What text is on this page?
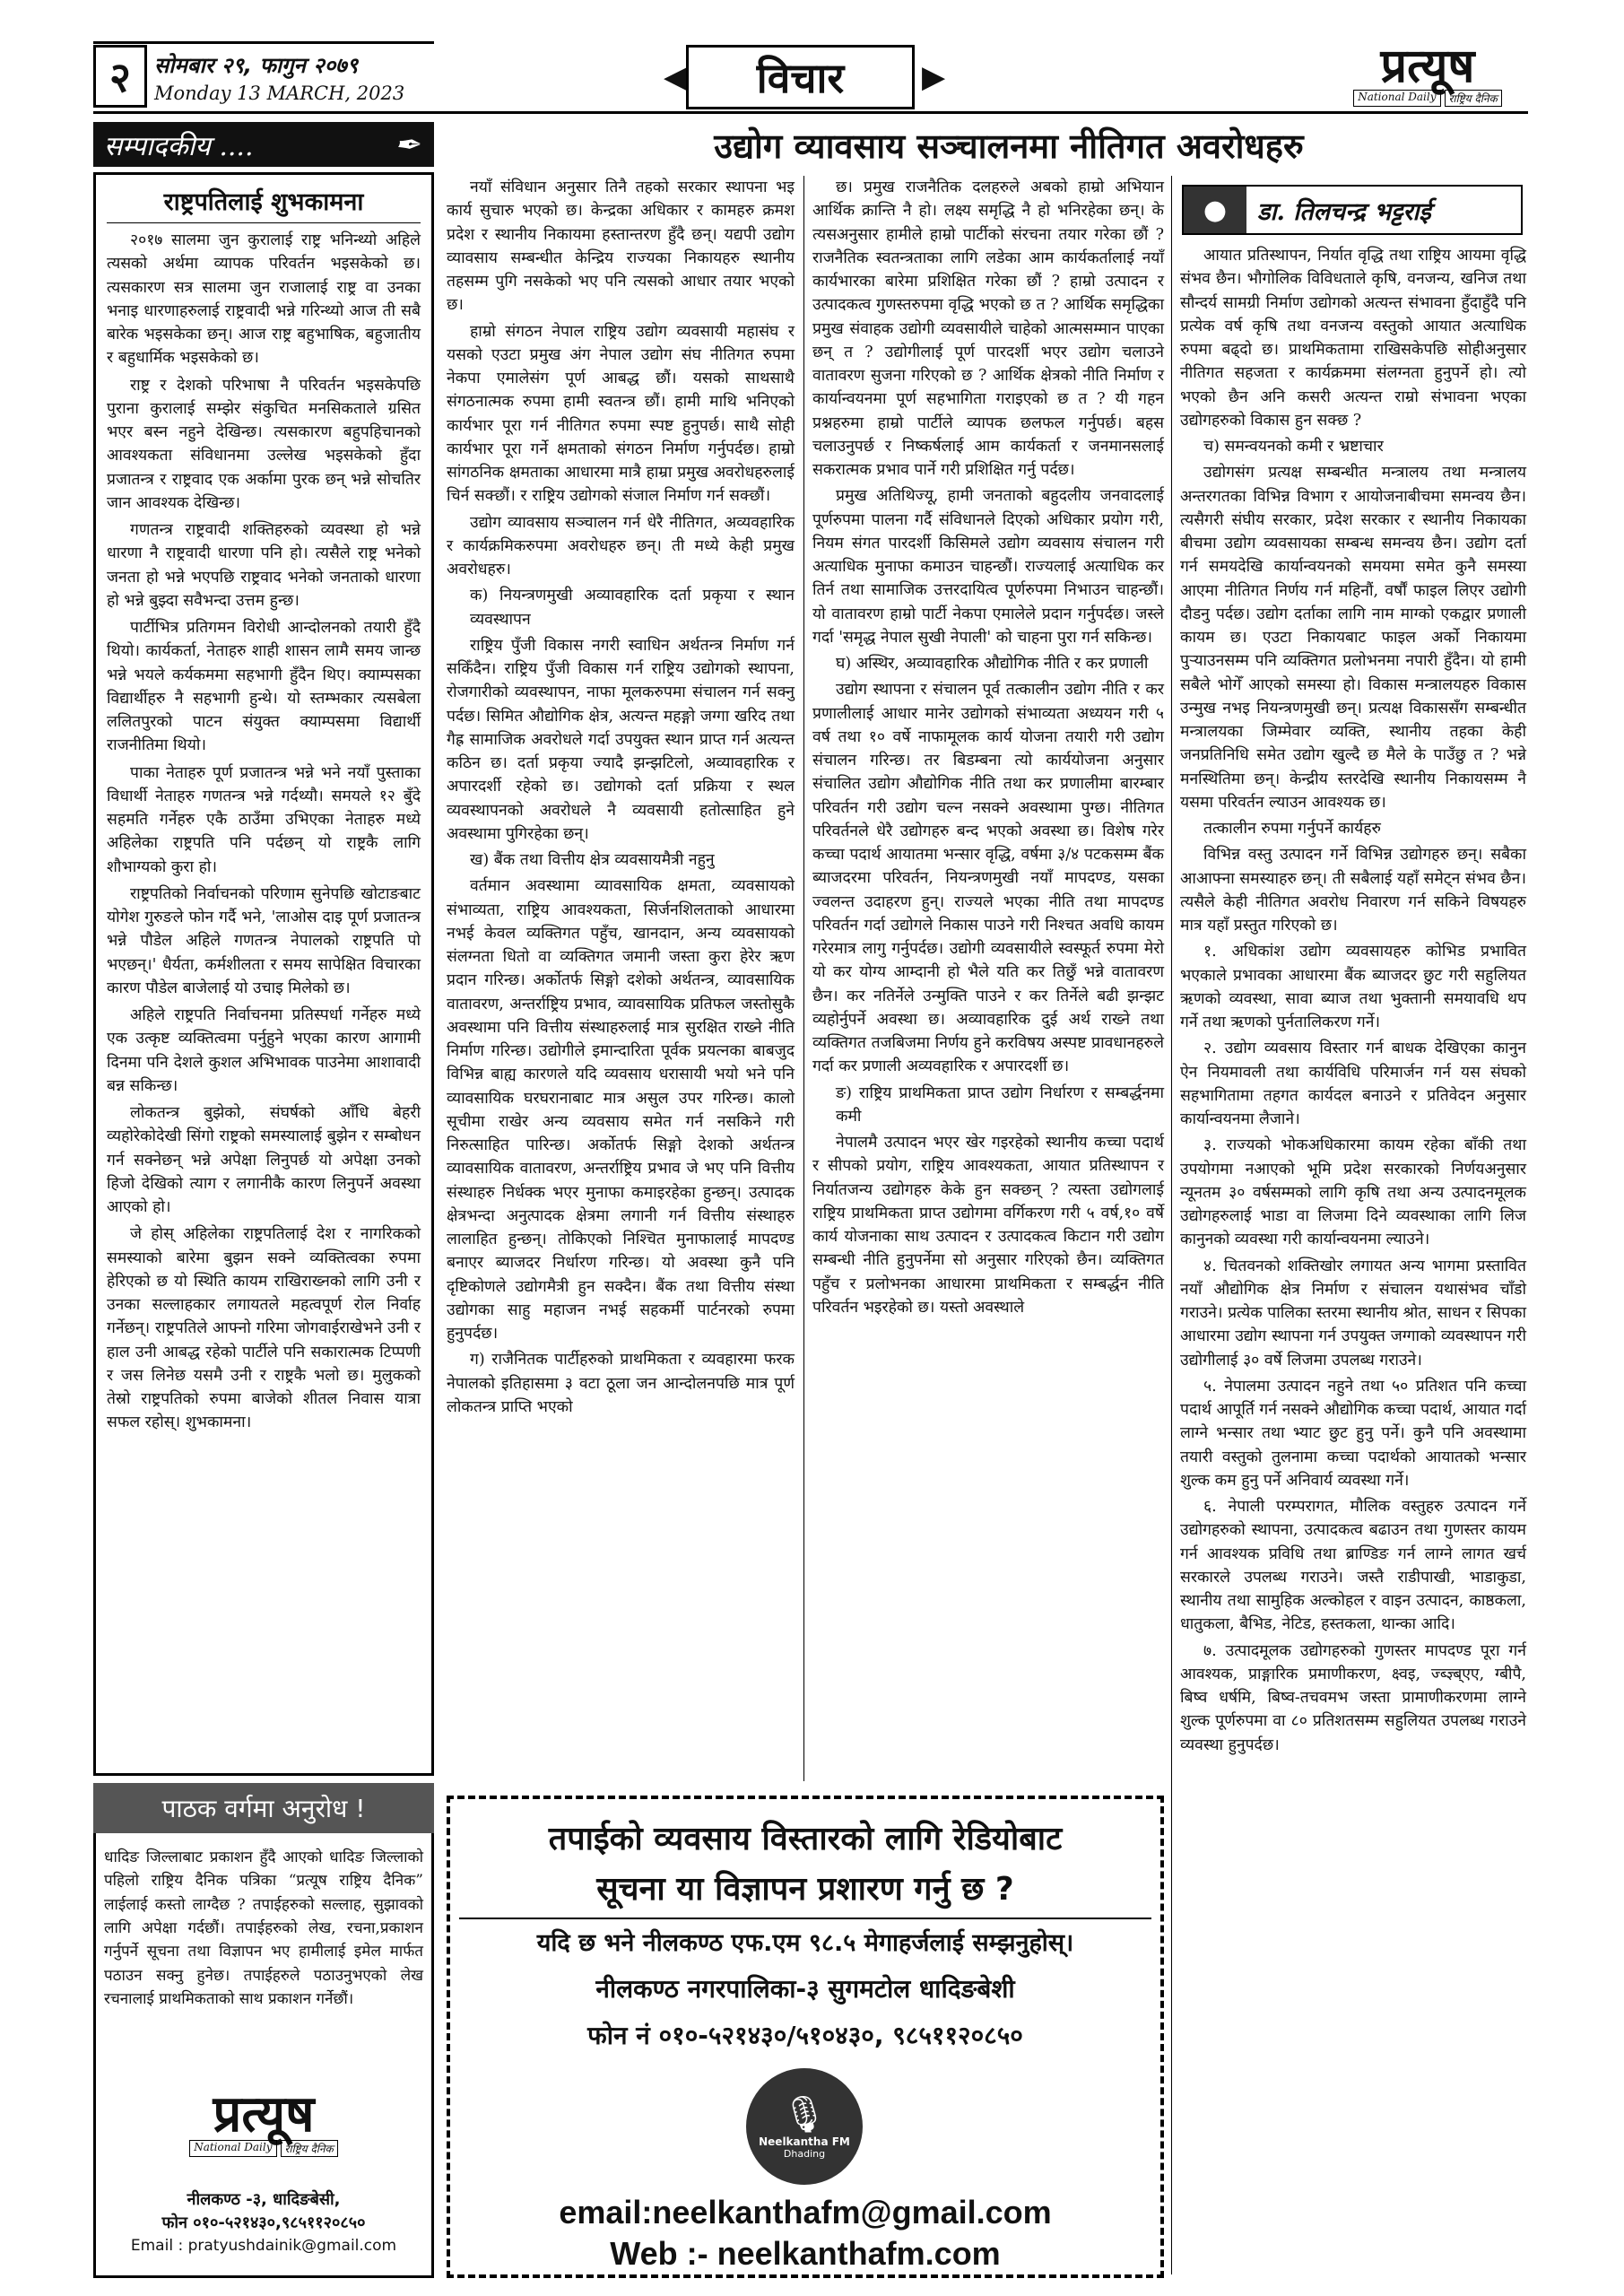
२	सोमबार २९, फागुन २०७९
Monday 13 MARCH, 2023	◀	विचार	▶	प्रत्यूष
National Daily	राष्ट्रिय दैनिक
सम्पादकीय ....	✒
राष्ट्रपतिलाई शुभकामना

२०१७ सालमा जुन कुरालाई राष्ट्र भनिन्थ्यो अहिले त्यसको अर्थमा व्यापक परिवर्तन भइसकेको छ। त्यसकारण सत्र सालमा जुन राजालाई राष्ट्र वा उनका भनाइ धारणाहरुलाई राष्ट्रवादी भन्ने गरिन्थ्यो आज ती सबै बारेक भइसकेका छन्। आज राष्ट्र बहुभाषिक, बहुजातीय र बहुधार्मिक भइसकेको छ।

राष्ट्र र देशको परिभाषा नै परिवर्तन भइसकेपछि पुराना कुरालाई सम्झेर संकुचित मनसिकताले ग्रसित भएर बस्न नहुने देखिन्छ। त्यसकारण बहुपहिचानको आवश्यकता संविधानमा उल्लेख भइसकेको हुँदा प्रजातन्त्र र राष्ट्रवाद एक अर्कामा पुरक छन् भन्ने सोचतिर जान आवश्यक देखिन्छ।

गणतन्त्र राष्ट्रवादी शक्तिहरुको व्यवस्था हो भन्ने धारणा नै राष्ट्रवादी धारणा पनि हो। त्यसैले राष्ट्र भनेको जनता हो भन्ने भएपछि राष्ट्रवाद भनेको जनताको धारणा हो भन्ने बुझ्दा सवैभन्दा उत्तम हुन्छ।

पार्टीभित्र प्रतिगमन विरोधी आन्दोलनको तयारी हुँदै थियो। कार्यकर्ता, नेताहरु शाही शासन लामै समय जान्छ भन्ने भयले कर्यकममा सहभागी हुँदैन थिए। क्याम्पसका विद्यार्थीहरु नै सहभागी हुन्थे। यो स्तम्भकार त्यसबेला ललितपुरको पाटन संयुक्त क्याम्पसमा विद्यार्थी राजनीतिमा थियो।

पाका नेताहरु पूर्ण प्रजातन्त्र भन्ने भने नयाँ पुस्ताका विधार्थी नेताहरु गणतन्त्र भन्ने गर्दथ्यौ। समयले १२ बुँदे सहमति गर्नेहरु एकै ठाउँमा उभिएका नेताहरु मध्ये अहिलेका राष्ट्रपति पनि पर्दछन् यो राष्ट्रकै लागि शौभाग्यको कुरा हो।

राष्ट्रपतिको निर्वाचनको परिणाम सुनेपछि खोटाङबाट योगेश गुरुङले फोन गर्दै भने, 'लाओस दाइ पूर्ण प्रजातन्त्र भन्ने पौडेल अहिले गणतन्त्र नेपालको राष्ट्रपति पो भएछन्।' धैर्यता, कर्मशीलता र समय सापेक्षित विचारका कारण पौडेल बाजेलाई यो उचाइ मिलेको छ।

अहिले राष्ट्रपति निर्वाचनमा प्रतिस्पर्धा गर्नेहरु मध्ये एक उत्कृष्ट व्यक्तित्वमा पर्नुहुने भएका कारण आगामी दिनमा पनि देशले कुशल अभिभावक पाउनेमा आशावादी बन्न सकिन्छ।

लोकतन्त्र बुझेको, संघर्षको आँधि बेहरी व्यहोरेकोदेखी सिंगो राष्ट्रको समस्यालाई बुझेन र सम्बोधन गर्न सक्नेछन् भन्ने अपेक्षा लिनुपर्छ यो अपेक्षा उनको हिजो देखिको त्याग र लगानीकै कारण लिनुपर्ने अवस्था आएको हो।

जे होस् अहिलेका राष्ट्रपतिलाई देश र नागरिकको समस्याको बारेमा बुझन सक्ने व्यक्तित्वका रुपमा हेरिएको छ यो स्थिति कायम राखिराख्नको लागि उनी र उनका सल्लाहकार लगायतले महत्वपूर्ण रोल निर्वाह गर्नेछन्। राष्ट्रपतिले आफ्नो गरिमा जोगवाईराखेभने उनी र हाल उनी आबद्ध रहेको पार्टीले पनि सकारात्मक टिप्पणी र जस लिनेछ यसमै उनी र राष्ट्रकै भलो छ। मुलुकको तेस्रो राष्ट्रपतिको रुपमा बाजेको शीतल निवास यात्रा सफल रहोस्। शुभकामना।

पाठक वर्गमा अनुरोध !
धादिङ जिल्लाबाट प्रकाशन हुँदै आएको धादिङ जिल्लाको पहिलो राष्ट्रिय दैनिक पत्रिका “प्रत्यूष राष्ट्रिय दैनिक” लाईलाई कस्तो लाग्दैछ ? तपाईहरुको सल्लाह, सुझावको लागि अपेक्षा गर्दछौं। तपाईहरुको लेख, रचना,प्रकाशन गर्नुपर्ने सूचना तथा विज्ञापन भए हामीलाई इमेल मार्फत पठाउन सक्नु हुनेछ। तपाईहरुले पठाउनुभएको लेख रचनालाई प्राथमिकताको साथ प्रकाशन गर्नेछौं।
प्रत्यूष
National Daily	राष्ट्रिय दैनिक
नीलकण्ठ -३, धादिङबेसी,
फोन ०१०-५२१४३०,९८५११२०८५०
Email : pratyushdainik@gmail.com
उद्योग व्यावसाय सञ्चालनमा नीतिगत अवरोधहरु

नयाँ संविधान अनुसार तिनै तहको सरकार स्थापना भइ कार्य सुचारु भएको छ। केन्द्रका अधिकार र कामहरु क्रमश प्रदेश र स्थानीय निकायमा हस्तान्तरण हुँदै छन्। यद्यपी उद्योग व्यावसाय सम्बन्धीत केन्द्रिय राज्यका निकायहरु स्थानीय तहसम्म पुगि नसकेको भए पनि त्यसको आधार तयार भएको छ।

हाम्रो संगठन नेपाल राष्ट्रिय उद्योग व्यवसायी महासंघ र यसको एउटा प्रमुख अंग नेपाल उद्योग संघ नीतिगत रुपमा नेकपा एमालेसंग पूर्ण आबद्ध छौं। यसको साथसाथै संगठनात्मक रुपमा हामी स्वतन्त्र छौं। हामी माथि भनिएको कार्यभार पूरा गर्न नीतिगत रुपमा स्पष्ट हुनुपर्छ। साथै सोही कार्यभार पूरा गर्ने क्षमताको संगठन निर्माण गर्नुपर्दछ। हाम्रो सांगठनिक क्षमताका आधारमा मात्रै हाम्रा प्रमुख अवरोधहरुलाई चिर्न सक्छौं। र राष्ट्रिय उद्योगको संजाल निर्माण गर्न सक्छौं।

उद्योग व्यावसाय सञ्चालन गर्न धेरै नीतिगत, अव्यवहारिक र कार्यक्रमिकरुपमा अवरोधहरु छन्। ती मध्ये केही प्रमुख अवरोधहरु।

क) नियन्त्रणमुखी अव्यावहारिक दर्ता प्रकृया र स्थान व्यवस्थापन

राष्ट्रिय पुँजी विकास नगरी स्वाधिन अर्थतन्त्र निर्माण गर्न सकिँदैन। राष्ट्रिय पुँजी विकास गर्न राष्ट्रिय उद्योगको स्थापना, रोजगारीको व्यवस्थापन, नाफा मूलकरुपमा संचालन गर्न सक्नु पर्दछ। सिमित औद्योगिक क्षेत्र, अत्यन्त महङ्गो जग्गा खरिद तथा गैह्र सामाजिक अवरोधले गर्दा उपयुक्त स्थान प्राप्त गर्न अत्यन्त कठिन छ। दर्ता प्रकृया ज्यादै झन्झटिलो, अव्यावहारिक र अपारदर्शी रहेको छ। उद्योगको दर्ता प्रक्रिया र स्थल व्यवस्थापनको अवरोधले नै व्यवसायी हतोत्साहित हुने अवस्थामा पुगिरहेका छन्।

ख) बैंक तथा वित्तीय क्षेत्र व्यवसायमैत्री नहुनु

वर्तमान अवस्थामा व्यावसायिक क्षमता, व्यवसायको संभाव्यता, राष्ट्रिय आवश्यकता, सिर्जनशिलताको आधारमा नभई केवल व्यक्तिगत पहुँच, खानदान, अन्य व्यवसायको संलग्नता धितो वा व्यक्तिगत जमानी जस्ता कुरा हेरेर ऋण प्रदान गरिन्छ। अर्कोतर्फ सिङ्गो दशेको अर्थतन्त्र, व्यावसायिक वातावरण, अन्तर्राष्ट्रिय प्रभाव, व्यावसायिक प्रतिफल जस्तोसुकै अवस्थामा पनि वित्तीय संस्थाहरुलाई मात्र सुरक्षित राख्ने नीति निर्माण गरिन्छ। उद्योगीले इमान्दारिता पूर्वक प्रयत्नका बाबजुद विभिन्न बाह्य कारणले यदि व्यवसाय धरासायी भयो भने पनि व्यावसायिक घरघरानाबाट मात्र असुल उपर गरिन्छ। कालो सूचीमा राखेर अन्य व्यवसाय समेत गर्न नसकिने गरी निरुत्साहित पारिन्छ। अर्कोतर्फ सिङ्गो देशको अर्थतन्त्र व्यावसायिक वातावरण, अन्तर्राष्ट्रिय प्रभाव जे भए पनि वित्तीय संस्थाहरु निर्धक्क भएर मुनाफा कमाइरहेका हुन्छन्। उत्पादक क्षेत्रभन्दा अनुत्पादक क्षेत्रमा लगानी गर्न वित्तीय संस्थाहरु लालाहित हुन्छन्। तोकिएको निश्चित मुनाफालाई मापदण्ड बनाएर ब्याजदर निर्धारण गरिन्छ। यो अवस्था कुनै पनि दृष्टिकोणले उद्योगमैत्री हुन सक्दैन। बैंक तथा वित्तीय संस्था उद्योगका साहु महाजन नभई सहकर्मी पार्टनरको रुपमा हुनुपर्दछ।

ग) राजैनितक पार्टीहरुको प्राथमिकता र व्यवहारमा फरक नेपालको इतिहासमा ३ वटा ठूला जन आन्दोलनपछि मात्र पूर्ण लोकतन्त्र प्राप्ति भएको

छ। प्रमुख राजनैतिक दलहरुले अबको हाम्रो अभियान आर्थिक क्रान्ति नै हो। लक्ष्य समृद्धि नै हो भनिरहेका छन्। के त्यसअनुसार हामीले हाम्रो पार्टीको संरचना तयार गरेका छौं ? राजनैतिक स्वतन्त्रताका लागि लडेका आम कार्यकर्तालाई नयाँ कार्यभारका बारेमा प्रशिक्षित गरेका छौं ? हाम्रो उत्पादन र उत्पादकत्व गुणस्तरुपमा वृद्धि भएको छ त ? आर्थिक समृद्धिका प्रमुख संवाहक उद्योगी व्यवसायीले चाहेको आत्मसम्मान पाएका छन् त ? उद्योगीलाई पूर्ण पारदर्शी भएर उद्योग चलाउने वातावरण सुजना गरिएको छ ? आर्थिक क्षेत्रको नीति निर्माण र कार्यान्वयनमा पूर्ण सहभागिता गराइएको छ त ? यी गहन प्रश्नहरुमा हाम्रो पार्टीले व्यापक छलफल गर्नुपर्छ। बहस चलाउनुपर्छ र निष्कर्षलाई आम कार्यकर्ता र जनमानसलाई सकरात्मक प्रभाव पार्ने गरी प्रशिक्षित गर्नु पर्दछ।

प्रमुख अतिथिज्यू, हामी जनताको बहुदलीय जनवादलाई पूर्णरुपमा पालना गर्दै संविधानले दिएको अधिकार प्रयोग गरी, नियम संगत पारदर्शी किसिमले उद्योग व्यवसाय संचालन गरी अत्याधिक मुनाफा कमाउन चाहन्छौं। राज्यलाई अत्याधिक कर तिर्न तथा सामाजिक उत्तरदायित्व पूर्णरुपमा निभाउन चाहन्छौं। यो वातावरण हाम्रो पार्टी नेकपा एमालेले प्रदान गर्नुपर्दछ। जस्ले गर्दा 'समृद्ध नेपाल सुखी नेपाली' को चाहना पुरा गर्न सकिन्छ।

घ) अस्थिर, अव्यावहारिक औद्योगिक नीति र कर प्रणाली

उद्योग स्थापना र संचालन पूर्व तत्कालीन उद्योग नीति र कर प्रणालीलाई आधार मानेर उद्योगको संभाव्यता अध्ययन गरी ५ वर्ष तथा १० वर्षे नाफामूलक कार्य योजना तयारी गरी उद्योग संचालन गरिन्छ। तर बिडम्बना त्यो कार्ययोजना अनुसार संचालित उद्योग औद्योगिक नीति तथा कर प्रणालीमा बारम्बार परिवर्तन गरी उद्योग चल्न नसक्ने अवस्थामा पुग्छ। नीतिगत परिवर्तनले धेरै उद्योगहरु बन्द भएको अवस्था छ। विशेष गरेर कच्चा पदार्थ आयातमा भन्सार वृद्धि, वर्षमा ३/४ पटकसम्म बैंक ब्याजदरमा परिवर्तन, नियन्त्रणमुखी नयाँ मापदण्ड, यसका ज्वलन्त उदाहरण हुन्। राज्यले भएका नीति तथा मापदण्ड परिवर्तन गर्दा उद्योगले निकास पाउने गरी निश्चत अवधि कायम गरेरमात्र लागु गर्नुपर्दछ। उद्योगी व्यवसायीले स्वस्फूर्त रुपमा मेरो यो कर योग्य आम्दानी हो भैले यति कर तिछुँ भन्ने वातावरण छैन। कर नतिर्नेले उन्मुक्ति पाउने र कर तिर्नेले बढी झन्झट व्यहोर्नुपर्ने अवस्था छ। अव्यावहारिक दुई अर्थ राख्ने तथा व्यक्तिगत तजबिजमा निर्णय हुने करविषय अस्पष्ट प्रावधानहरुले गर्दा कर प्रणाली अव्यवहारिक र अपारदर्शी छ।

ङ) राष्ट्रिय प्राथमिकता प्राप्त उद्योग निर्धारण र सम्बर्द्धनमा कमी

नेपालमै उत्पादन भएर खेर गइरहेको स्थानीय कच्चा पदार्थ र सीपको प्रयोग, राष्ट्रिय आवश्यकता, आयात प्रतिस्थापन र निर्यातजन्य उद्योगहरु केके हुन सक्छन् ? त्यस्ता उद्योगलाई राष्ट्रिय प्राथमिकता प्राप्त उद्योगमा वर्गिकरण गरी ५ वर्ष,१० वर्षे कार्य योजनाका साथ उत्पादन र उत्पादकत्व किटान गरी उद्योग सम्बन्धी नीति हुनुपर्नेमा सो अनुसार गरिएको छैन। व्यक्तिगत पहुँच र प्रलोभनका आधारमा प्राथमिकता र सम्बर्द्धन नीति परिवर्तन भइरहेको छ। यस्तो अवस्थाले

●	डा. तिलचन्द्र भट्टराई

आयात प्रतिस्थापन, निर्यात वृद्धि तथा राष्ट्रिय आयमा वृद्धि संभव छैन। भौगोलिक विविधताले कृषि, वनजन्य, खनिज तथा सौन्दर्य सामग्री निर्माण उद्योगको अत्यन्त संभावना हुँदाहुँदै पनि प्रत्येक वर्ष कृषि तथा वनजन्य वस्तुको आयात अत्याधिक रुपमा बढ्दो छ। प्राथमिकतामा राखिसकेपछि सोहीअनुसार नीतिगत सहजता र कार्यक्रममा संलग्नता हुनुपर्ने हो। त्यो भएको छैन अनि कसरी अत्यन्त राम्रो संभावना भएका उद्योगहरुको विकास हुन सक्छ ?

च) समन्वयनको कमी र भ्रष्टाचार

उद्योगसंग प्रत्यक्ष सम्बन्धीत मन्त्रालय तथा मन्त्रालय अन्तरगतका विभिन्न विभाग र आयोजनाबीचमा समन्वय छैन। त्यसैगरी संघीय सरकार, प्रदेश सरकार र स्थानीय निकायका बीचमा उद्योग व्यवसायका सम्बन्ध समन्वय छैन। उद्योग दर्ता गर्न समयदेखि कार्यान्वयनको समयमा समेत कुनै समस्या आएमा नीतिगत निर्णय गर्न महिनौं, वर्षौं फाइल लिएर उद्योगी दौडनु पर्दछ। उद्योग दर्ताका लागि नाम माग्को एकद्वार प्रणाली कायम छ। एउटा निकायबाट फाइल अर्को निकायमा पुऱ्याउनसम्म पनि व्यक्तिगत प्रलोभनमा नपारी हुँदैन। यो हामी सबैले भोगेँ आएको समस्या हो। विकास मन्त्रालयहरु विकास उन्मुख नभइ नियन्त्रणमुखी छन्। प्रत्यक्ष विकाससँग सम्बन्धीत मन्त्रालयका जिम्मेवार व्यक्ति, स्थानीय तहका केही जनप्रतिनिधि समेत उद्योग खुल्दै छ मैले के पाउँछु त ? भन्ने मनस्थितिमा छन्। केन्द्रीय स्तरदेखि स्थानीय निकायसम्म नै यसमा परिवर्तन ल्याउन आवश्यक छ।

तत्कालीन रुपमा गर्नुपर्ने कार्यहरु

विभिन्न वस्तु उत्पादन गर्ने विभिन्न उद्योगहरु छन्। सबैका आआफ्ना समस्याहरु छन्। ती सबैलाई यहाँ समेट्न संभव छैन। त्यसैले केही नीतिगत अवरोध निवारण गर्न सकिने विषयहरु मात्र यहाँ प्रस्तुत गरिएको छ।

१. अधिकांश उद्योग व्यवसायहरु कोभिड प्रभावित भएकाले प्रभावका आधारमा बैंक ब्याजदर छुट गरी सहुलियत ऋणको व्यवस्था, सावा ब्याज तथा भुक्तानी समयावधि थप गर्ने तथा ऋणको पुर्नतालिकरण गर्ने।

२. उद्योग व्यवसाय विस्तार गर्न बाधक देखिएका कानुन ऐन नियमावली तथा कार्यविधि परिमार्जन गर्न यस संघको सहभागितामा तहगत कार्यदल बनाउने र प्रतिवेदन अनुसार कार्यान्वयनमा लैजाने।

३. राज्यको भोकअधिकारमा कायम रहेका बाँकी तथा उपयोगमा नआएको भूमि प्रदेश सरकारको निर्णयअनुसार न्यूनतम ३० वर्षसम्मको लागि कृषि तथा अन्य उत्पादनमूलक उद्योगहरुलाई भाडा वा लिजमा दिने व्यवस्थाका लागि लिज कानुनको व्यवस्था गरी कार्यान्वयनमा ल्याउने।

४. चितवनको शक्तिखोर लगायत अन्य भागमा प्रस्तावित नयाँ औद्योगिक क्षेत्र निर्माण र संचालन यथासंभव चाँडो गराउने। प्रत्येक पालिका स्तरमा स्थानीय श्रोत, साधन र सिपका आधारमा उद्योग स्थापना गर्न उपयुक्त जग्गाको व्यवस्थापन गरी उद्योगीलाई ३० वर्षे लिजमा उपलब्ध गराउने।

५. नेपालमा उत्पादन नहुने तथा ५० प्रतिशत पनि कच्चा पदार्थ आपूर्ति गर्न नसक्ने औद्योगिक कच्चा पदार्थ, आयात गर्दा लाग्ने भन्सार तथा भ्याट छुट हुनु पर्ने। कुनै पनि अवस्थामा तयारी वस्तुको तुलनामा कच्चा पदार्थको आयातको भन्सार शुल्क कम हुनु पर्ने अनिवार्य व्यवस्था गर्ने।

६. नेपाली परम्परागत, मौलिक वस्तुहरु उत्पादन गर्ने उद्योगहरुको स्थापना, उत्पादकत्व बढाउन तथा गुणस्तर कायम गर्न आवश्यक प्रविधि तथा ब्राण्डिङ गर्न लाग्ने लागत खर्च सरकारले उपलब्ध गराउने। जस्तै राडीपाखी, भाडाकुडा, स्थानीय तथा सामुहिक अल्कोहल र वाइन उत्पादन, काष्ठकला, धातुकला, बैभिड, नेटिड, हस्तकला, थान्का आदि।

७. उत्पादमूलक उद्योगहरुको गुणस्तर मापदण्ड पूरा गर्न आवश्यक, प्राङ्गारिक प्रमाणीकरण, क्ष्वइ, ज्ब्ज्ञ्ब्एए, ग्बीपै, बिष्व धर्षमि, बिष्व-तचवमभ जस्ता प्रामाणीकरणमा लाग्ने शुल्क पूर्णरुपमा वा ८० प्रतिशतसम्म सहुलियत उपलब्ध गराउने व्यवस्था हुनुपर्दछ।

तपाईको व्यवसाय विस्तारको लागि रेडियोबाट
सूचना या विज्ञापन प्रशारण गर्नु छ ?
यदि छ भने नीलकण्ठ एफ.एम ९८.५ मेगाहर्जलाई सम्झनुहोस्।
नीलकण्ठ नगरपालिका-३ सुगमटोल धादिङबेशी
फोन नं ०१०-५२१४३०/५१०४३०, ९८५११२०८५०
🎙
Neelkantha FM
Dhading
email:neelkanthafm@gmail.com
Web :- neelkanthafm.com
